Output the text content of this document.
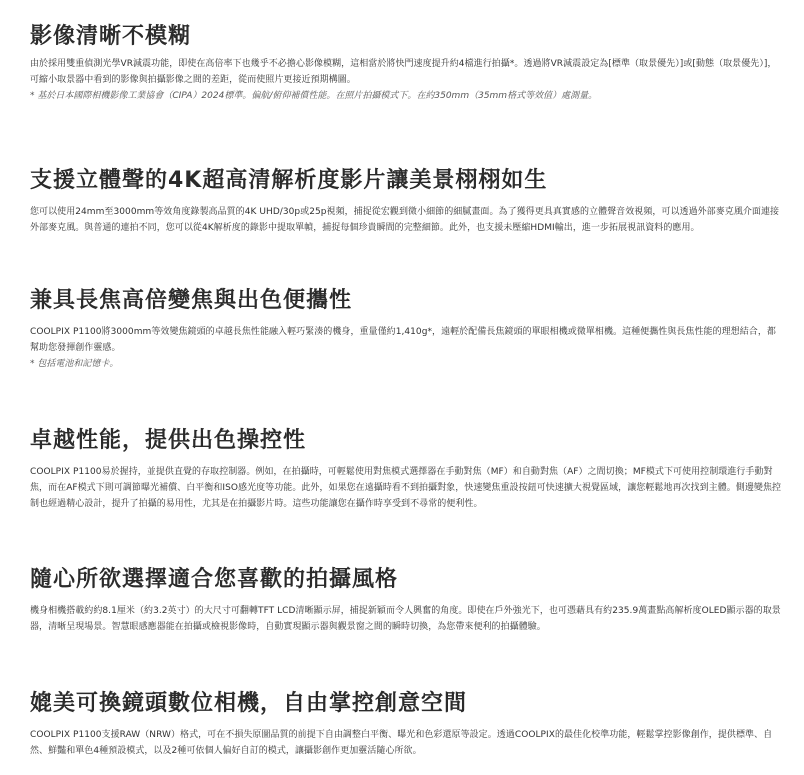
影像清晰不模糊

由於採用雙重偵測光學VR減震功能，即使在高倍率下也幾乎不必擔心影像模糊，這相當於將快門速度提升約4檔進行拍攝*。透過將VR減震設定為[標準（取景優先）]或[動態（取景優先）]，可縮小取景器中看到的影像與拍攝影像之間的差距，從而使照片更接近預期構圖。

* 基於日本國際相機影像工業協會（CIPA）2024標準。偏航/俯仰補償性能。在照片拍攝模式下。在約350mm（35mm格式等效值）處測量。

支援立體聲的4K超高清解析度影片讓美景栩栩如生

您可以使用24mm至3000mm等效角度錄製高品質的4K UHD/30p或25p視頻，捕捉從宏觀到微小細節的細膩畫面。為了獲得更具真實感的立體聲音效視頻，可以透過外部麥克風介面連接外部麥克風。與普通的連拍不同，您可以從4K解析度的錄影中提取單幀，捕捉每個珍貴瞬間的完整細節。此外，也支援未壓縮HDMI輸出，進一步拓展視訊資料的應用。

兼具長焦高倍變焦與出色便攜性

COOLPIX P1100將3000mm等效變焦鏡頭的卓越長焦性能融入輕巧緊湊的機身，重量僅約1,410g*，遠輕於配備長焦鏡頭的單眼相機或微單相機。這種便攜性與長焦性能的理想結合，都幫助您發揮創作靈感。

* 包括電池和記憶卡。

卓越性能，提供出色操控性

COOLPIX P1100易於握持，並提供直覺的存取控制器。例如，在拍攝時，可輕鬆使用對焦模式選擇器在手動對焦（MF）和自動對焦（AF）之間切換；MF模式下可使用控制環進行手動對焦，而在AF模式下則可調節曝光補償、白平衡和ISO感光度等功能。此外，如果您在遠攝時看不到拍攝對象，快速變焦重設按鈕可快速擴大視覺區域，讓您輕鬆地再次找到主體。側邊變焦控制也經過精心設計，提升了拍攝的易用性，尤其是在拍攝影片時。這些功能讓您在攝作時享受到不尋常的便利性。

隨心所欲選擇適合您喜歡的拍攝風格

機身相機搭載約約8.1厘米（約3.2英寸）的大尺寸可翻轉TFT LCD清晰顯示屏，捕捉新穎而令人興奮的角度。即使在戶外強光下，也可憑藉具有約235.9萬畫點高解析度OLED顯示器的取景器，清晰呈現場景。智慧眼感應器能在拍攝或檢視影像時，自動實現顯示器與觀景窗之間的瞬時切換，為您帶來便利的拍攝體驗。

媲美可換鏡頭數位相機，自由掌控創意空間

COOLPIX P1100支援RAW（NRW）格式，可在不損失原圖品質的前提下自由調整白平衡、曝光和色彩還原等設定。透過COOLPIX的最佳化校準功能，輕鬆掌控影像創作，提供標準、自然、鮮豔和單色4種預設模式，以及2種可依個人偏好自訂的模式，讓攝影創作更加靈活隨心所欲。
